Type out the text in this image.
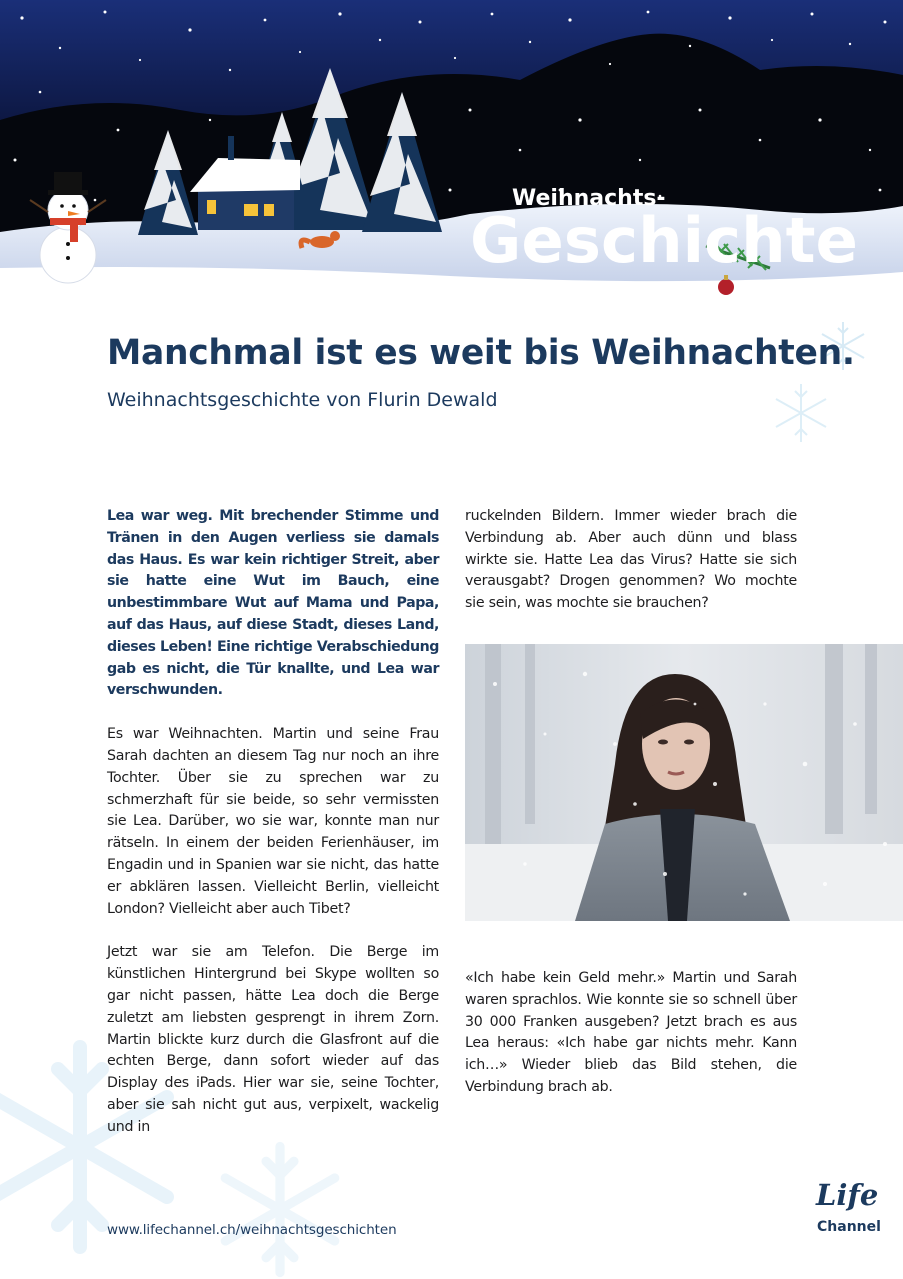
Weihnachts-
Geschichte
Manchmal ist es weit bis Weihnachten.
Weihnachtsgeschichte von Flurin Dewald

Lea war weg. Mit brechender Stimme und Tränen in den Augen verliess sie damals das Haus. Es war kein richtiger Streit, aber sie hatte eine Wut im Bauch, eine unbestimmbare Wut auf Mama und Papa, auf das Haus, auf diese Stadt, dieses Land, dieses Leben! Eine richtige Verabschiedung gab es nicht, die Tür knallte, und Lea war verschwunden.

Es war Weihnachten. Martin und seine Frau Sarah dachten an diesem Tag nur noch an ihre Tochter. Über sie zu sprechen war zu schmerzhaft für sie beide, so sehr vermissten sie Lea. Darüber, wo sie war, konnte man nur rätseln. In einem der beiden Ferienhäuser, im Engadin und in Spanien war sie nicht, das hatte er abklären lassen. Vielleicht Berlin, vielleicht London? Vielleicht aber auch Tibet?

Jetzt war sie am Telefon. Die Berge im künstlichen Hintergrund bei Skype wollten so gar nicht passen, hätte Lea doch die Berge zuletzt am liebsten gesprengt in ihrem Zorn. Martin blickte kurz durch die Glasfront auf die echten Berge, dann sofort wieder auf das Display des iPads. Hier war sie, seine Tochter, aber sie sah nicht gut aus, verpixelt, wackelig und in

ruckelnden Bildern. Immer wieder brach die Verbindung ab. Aber auch dünn und blass wirkte sie. Hatte Lea das Virus? Hatte sie sich verausgabt? Drogen genommen? Wo mochte sie sein, was mochte sie brauchen?

«Ich habe kein Geld mehr.» Martin und Sarah waren sprachlos. Wie konnte sie so schnell über 30 000 Franken ausgeben? Jetzt brach es aus Lea heraus: «Ich habe gar nichts mehr. Kann ich…» Wieder blieb das Bild stehen, die Verbindung brach ab.

www.lifechannel.ch/weihnachtsgeschichten
Life
Channel
